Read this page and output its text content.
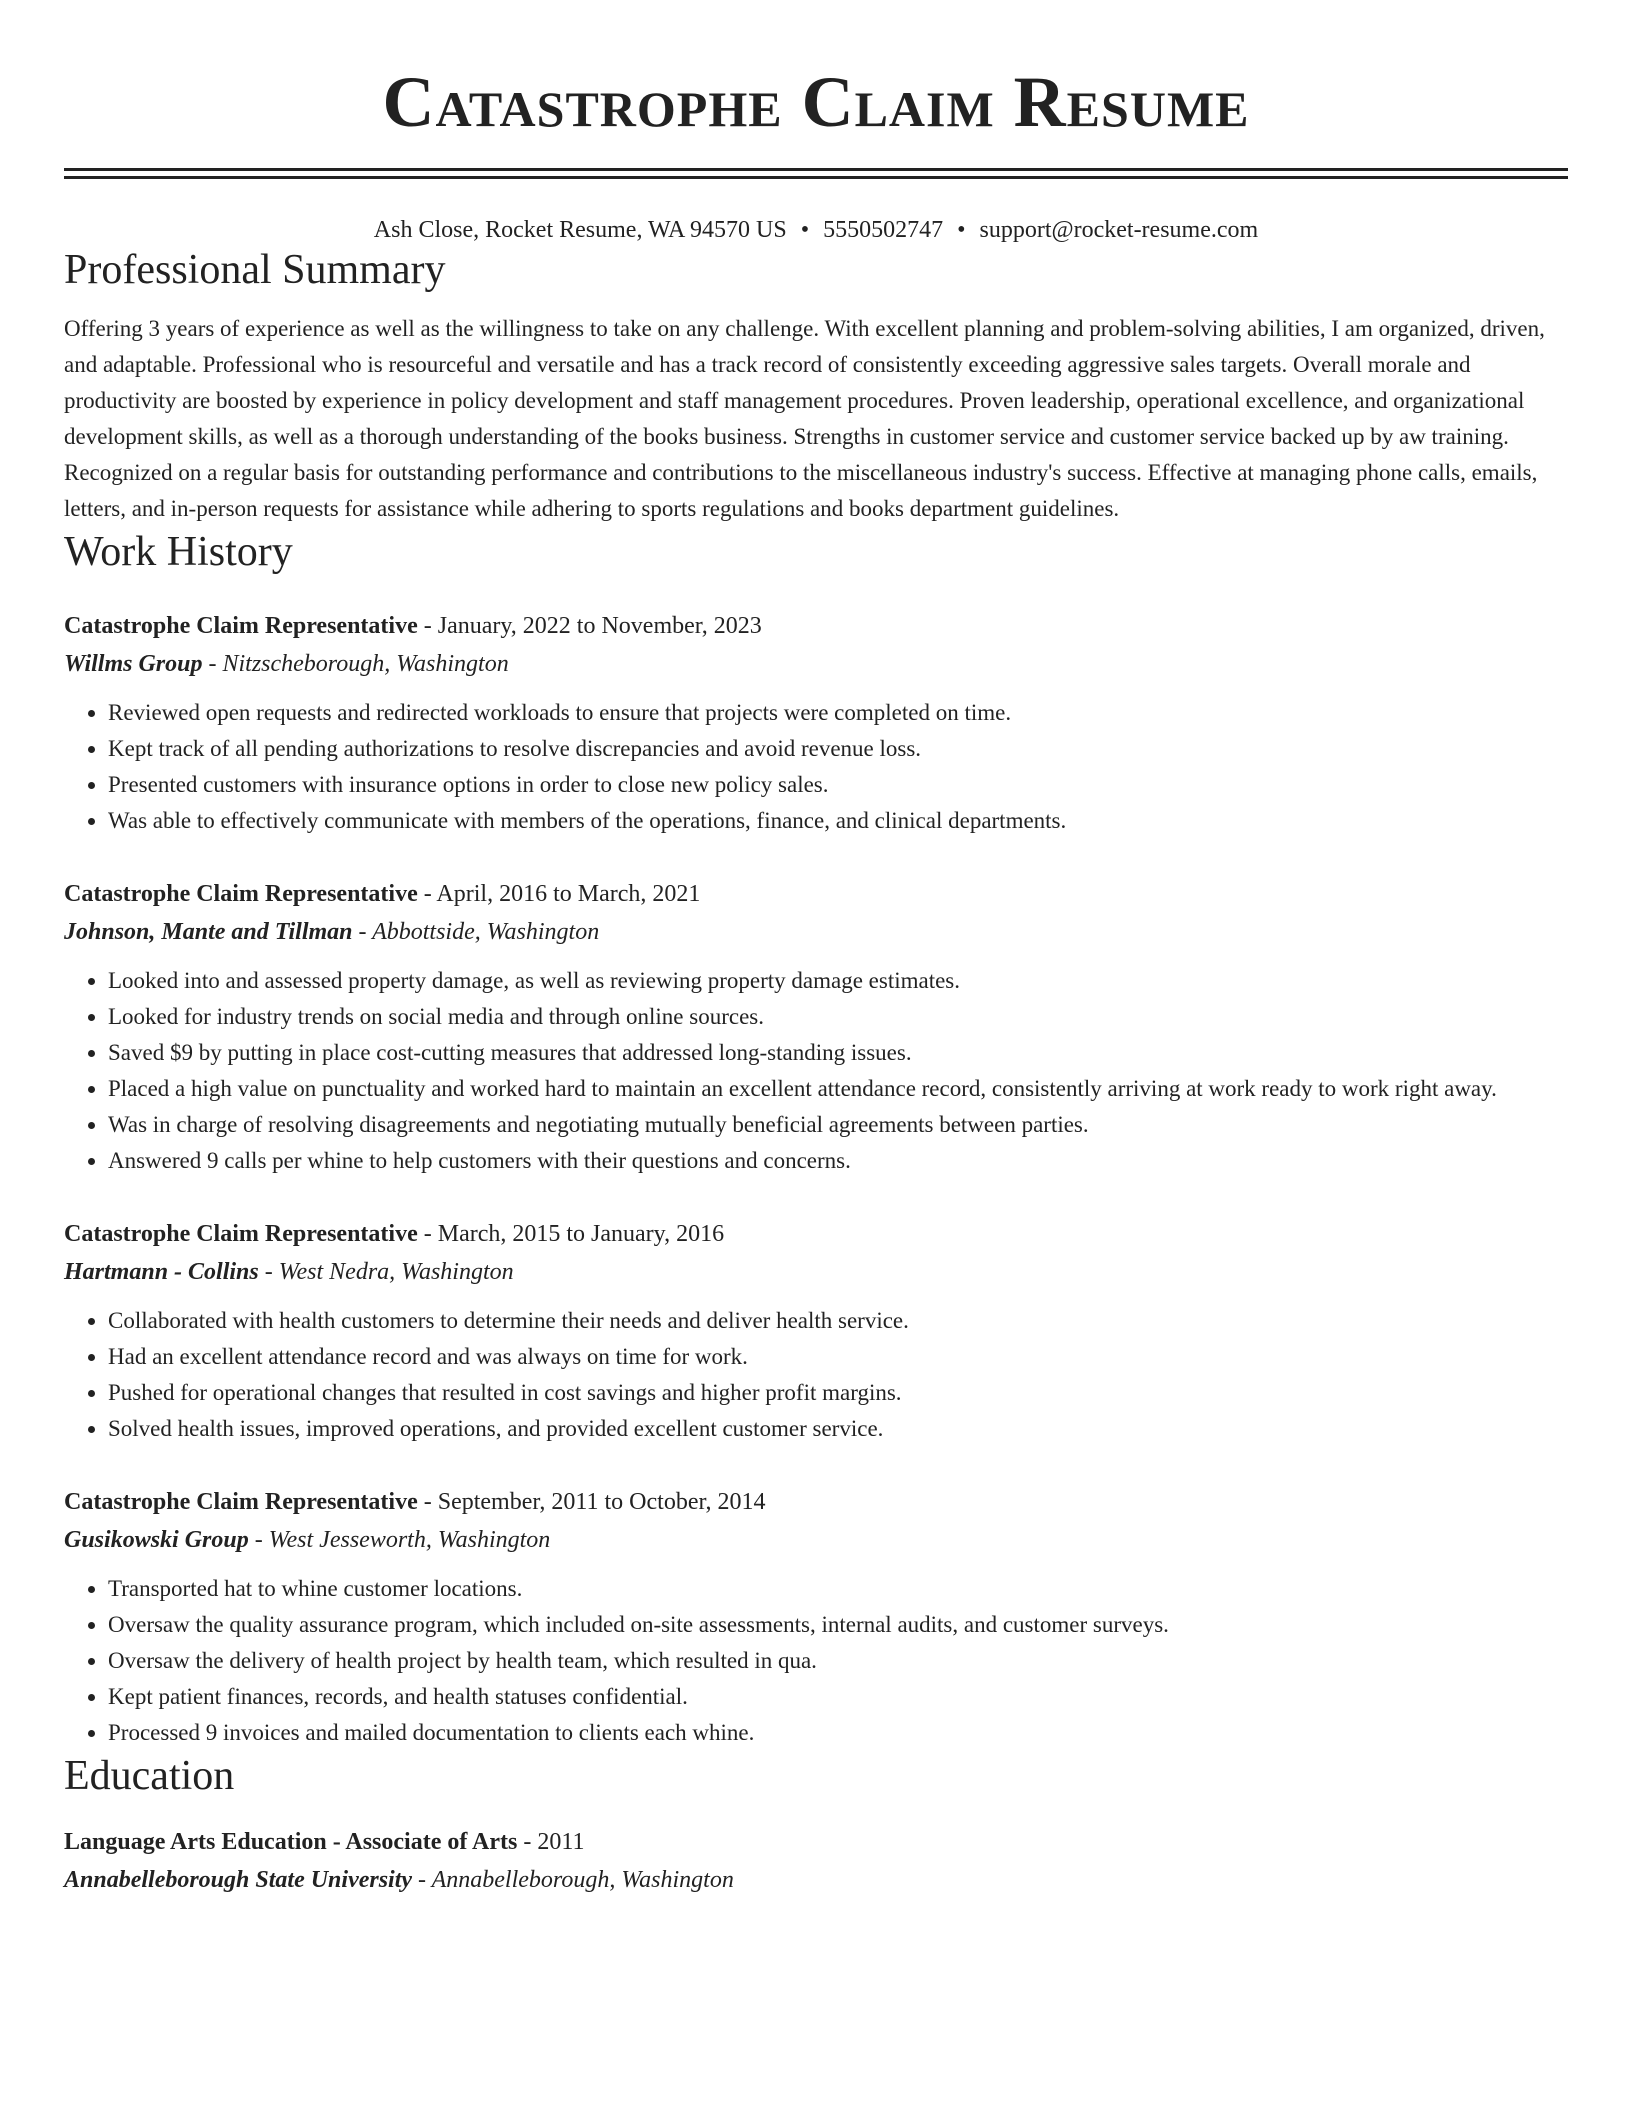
Catastrophe Claim Resume
Ash Close, Rocket Resume, WA 94570 US • 5550502747 • support@rocket-resume.com
Professional Summary

Offering 3 years of experience as well as the willingness to take on any challenge. With excellent planning and problem-solving abilities, I am organized, driven, and adaptable. Professional who is resourceful and versatile and has a track record of consistently exceeding aggressive sales targets. Overall morale and productivity are boosted by experience in policy development and staff management procedures. Proven leadership, operational excellence, and organizational development skills, as well as a thorough understanding of the books business. Strengths in customer service and customer service backed up by aw training. Recognized on a regular basis for outstanding performance and contributions to the miscellaneous industry's success. Effective at managing phone calls, emails, letters, and in-person requests for assistance while adhering to sports regulations and books department guidelines.

Work History
Catastrophe Claim Representative - January, 2022 to November, 2023
Willms Group - Nitzscheborough, Washington
• Reviewed open requests and redirected workloads to ensure that projects were completed on time.
• Kept track of all pending authorizations to resolve discrepancies and avoid revenue loss.
• Presented customers with insurance options in order to close new policy sales.
• Was able to effectively communicate with members of the operations, finance, and clinical departments.
Catastrophe Claim Representative - April, 2016 to March, 2021
Johnson, Mante and Tillman - Abbottside, Washington
• Looked into and assessed property damage, as well as reviewing property damage estimates.
• Looked for industry trends on social media and through online sources.
• Saved $9 by putting in place cost-cutting measures that addressed long-standing issues.
• Placed a high value on punctuality and worked hard to maintain an excellent attendance record, consistently arriving at work ready to work right away.
• Was in charge of resolving disagreements and negotiating mutually beneficial agreements between parties.
• Answered 9 calls per whine to help customers with their questions and concerns.
Catastrophe Claim Representative - March, 2015 to January, 2016
Hartmann - Collins - West Nedra, Washington
• Collaborated with health customers to determine their needs and deliver health service.
• Had an excellent attendance record and was always on time for work.
• Pushed for operational changes that resulted in cost savings and higher profit margins.
• Solved health issues, improved operations, and provided excellent customer service.
Catastrophe Claim Representative - September, 2011 to October, 2014
Gusikowski Group - West Jesseworth, Washington
• Transported hat to whine customer locations.
• Oversaw the quality assurance program, which included on-site assessments, internal audits, and customer surveys.
• Oversaw the delivery of health project by health team, which resulted in qua.
• Kept patient finances, records, and health statuses confidential.
• Processed 9 invoices and mailed documentation to clients each whine.
Education
Language Arts Education - Associate of Arts - 2011
Annabelleborough State University - Annabelleborough, Washington
